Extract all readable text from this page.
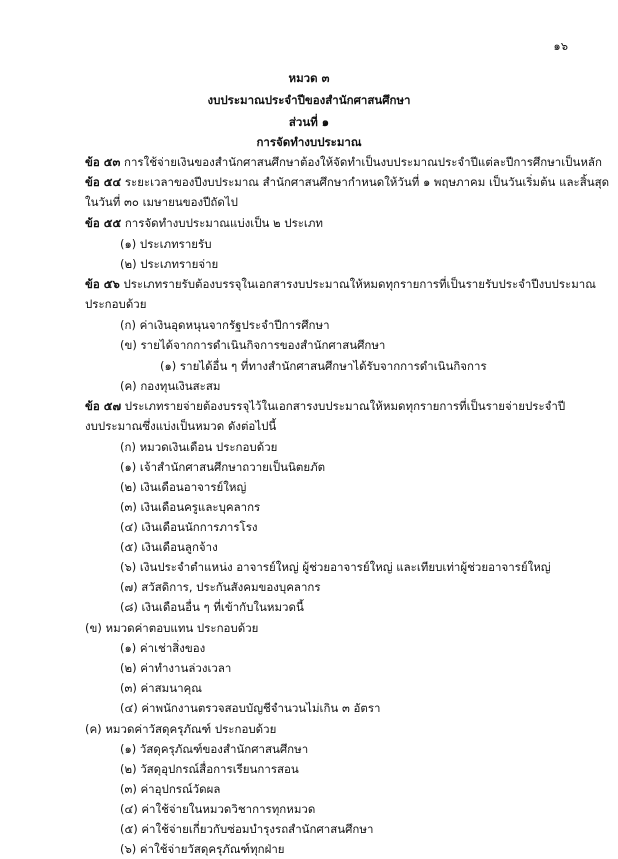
๑๖
หมวด ๓
งบประมาณประจำปีของสำนักศาสนศึกษา
ส่วนที่ ๑
การจัดทำงบประมาณ
ข้อ ๕๓ การใช้จ่ายเงินของสำนักศาสนศึกษาต้องให้จัดทำเป็นงบประมาณประจำปีแต่ละปีการศึกษาเป็นหลัก
ข้อ ๕๔ ระยะเวลาของปีงบประมาณ สำนักศาสนศึกษากำหนดให้วันที่ ๑ พฤษภาคม เป็นวันเริ่มต้น และสิ้นสุด
ในวันที่ ๓๐ เมษายนของปีถัดไป
ข้อ ๕๕ การจัดทำงบประมาณแบ่งเป็น ๒ ประเภท
(๑) ประเภทรายรับ
(๒) ประเภทรายจ่าย
ข้อ ๕๖ ประเภทรายรับต้องบรรจุในเอกสารงบประมาณให้หมดทุกรายการที่เป็นรายรับประจำปีงบประมาณ
ประกอบด้วย
(ก) ค่าเงินอุดหนุนจากรัฐประจำปีการศึกษา
(ข) รายได้จากการดำเนินกิจการของสำนักศาสนศึกษา
(๑) รายได้อื่น ๆ ที่ทางสำนักศาสนศึกษาได้รับจากการดำเนินกิจการ
(ค) กองทุนเงินสะสม
ข้อ ๕๗ ประเภทรายจ่ายต้องบรรจุไว้ในเอกสารงบประมาณให้หมดทุกรายการที่เป็นรายจ่ายประจำปี
งบประมาณซึ่งแบ่งเป็นหมวด ดังต่อไปนี้
(ก) หมวดเงินเดือน ประกอบด้วย
(๑) เจ้าสำนักศาสนศึกษาถวายเป็นนิตยภัต
(๒) เงินเดือนอาจารย์ใหญ่
(๓) เงินเดือนครูและบุคลากร
(๔) เงินเดือนนักการภารโรง
(๕) เงินเดือนลูกจ้าง
(๖) เงินประจำตำแหน่ง อาจารย์ใหญ่ ผู้ช่วยอาจารย์ใหญ่ และเทียบเท่าผู้ช่วยอาจารย์ใหญ่
(๗) สวัสดิการ, ประกันสังคมของบุคลากร
(๘) เงินเดือนอื่น ๆ ที่เข้ากับในหมวดนี้
(ข) หมวดค่าตอบแทน ประกอบด้วย
(๑) ค่าเช่าสิ่งของ
(๒) ค่าทำงานล่วงเวลา
(๓) ค่าสมนาคุณ
(๔) ค่าพนักงานตรวจสอบบัญชีจำนวนไม่เกิน ๓ อัตรา
(ค) หมวดค่าวัสดุครุภัณฑ์ ประกอบด้วย
(๑) วัสดุครุภัณฑ์ของสำนักศาสนศึกษา
(๒) วัสดุอุปกรณ์สื่อการเรียนการสอน
(๓) ค่าอุปกรณ์วัดผล
(๔) ค่าใช้จ่ายในหมวดวิชาการทุกหมวด
(๕) ค่าใช้จ่ายเกี่ยวกับซ่อมบำรุงรถสำนักศาสนศึกษา
(๖) ค่าใช้จ่ายวัสดุครุภัณฑ์ทุกฝ่าย
